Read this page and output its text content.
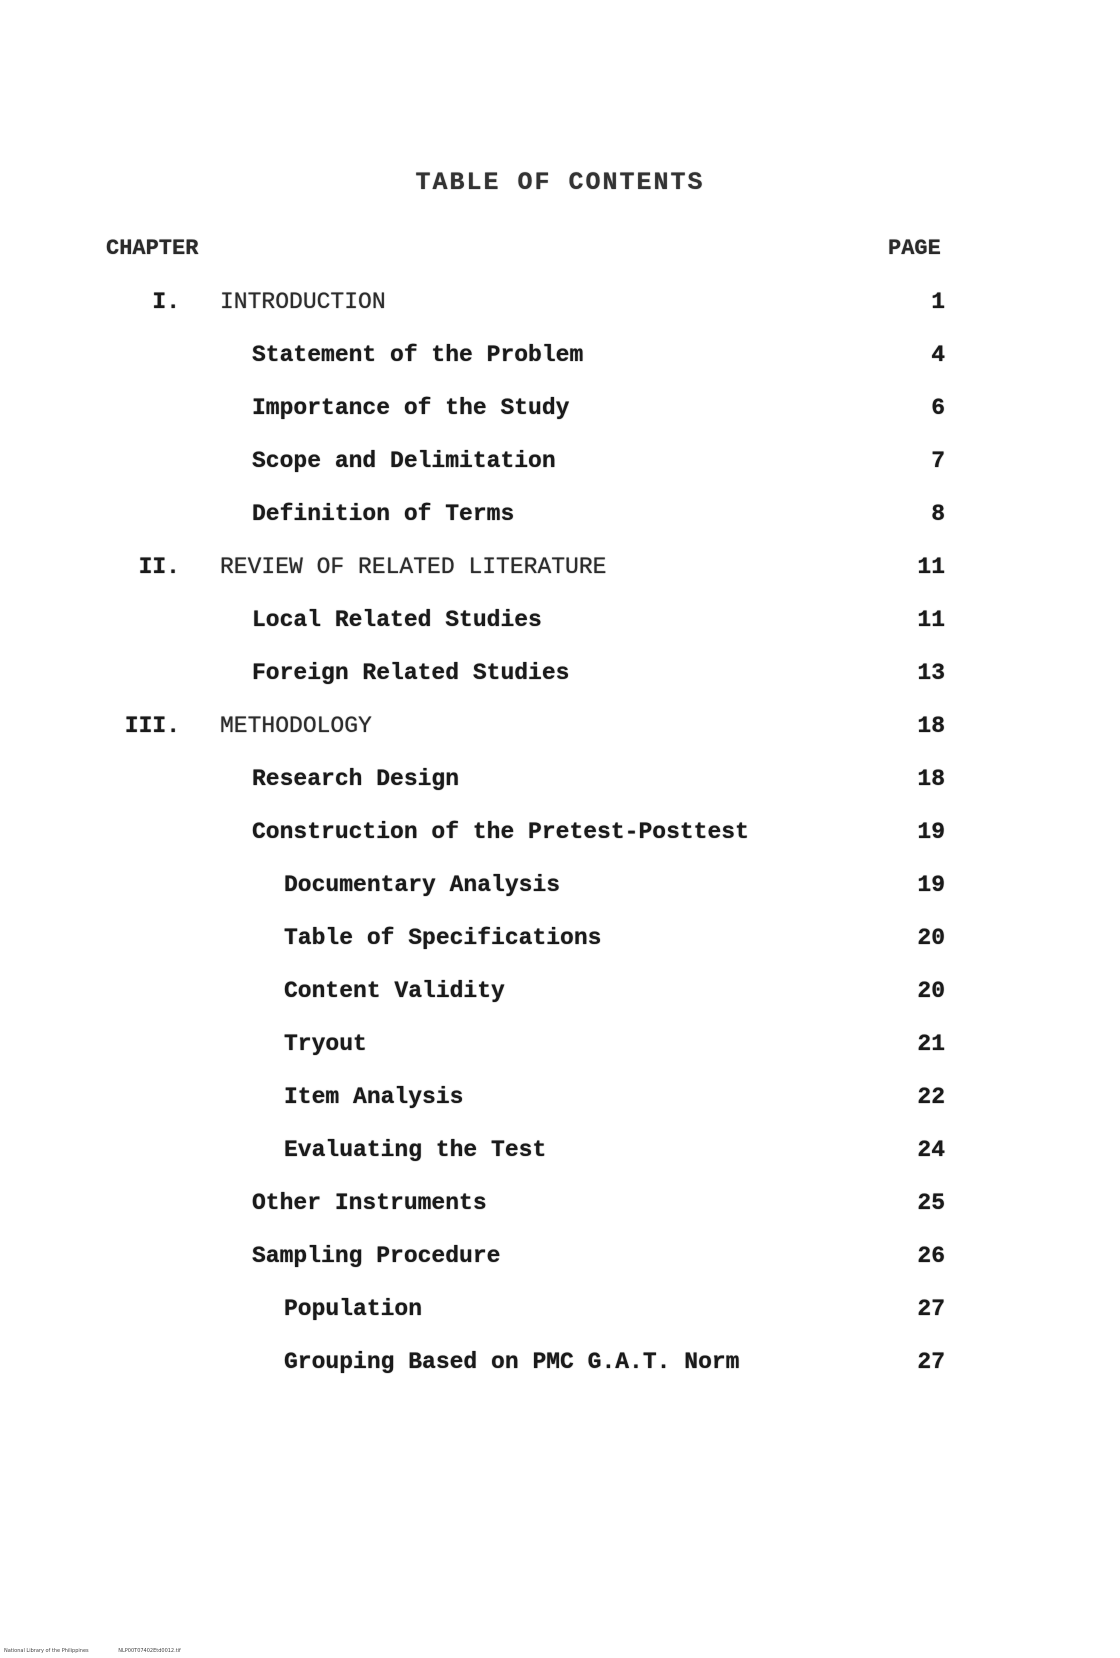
TABLE OF CONTENTS
CHAPTER	PAGE
I. INTRODUCTION	1
Statement of the Problem	4
Importance of the Study	6
Scope and Delimitation	7
Definition of Terms	8
II. REVIEW OF RELATED LITERATURE	11
Local Related Studies	11
Foreign Related Studies	13
III. METHODOLOGY	18
Research Design	18
Construction of the Pretest-Posttest	19
Documentary Analysis	19
Table of Specifications	20
Content Validity	20
Tryout	21
Item Analysis	22
Evaluating the Test	24
Other Instruments	25
Sampling Procedure	26
Population	27
Grouping Based on PMC G.A.T. Norm	27
National Library of the Philippines	NLP00T07402Etd0012.tif
